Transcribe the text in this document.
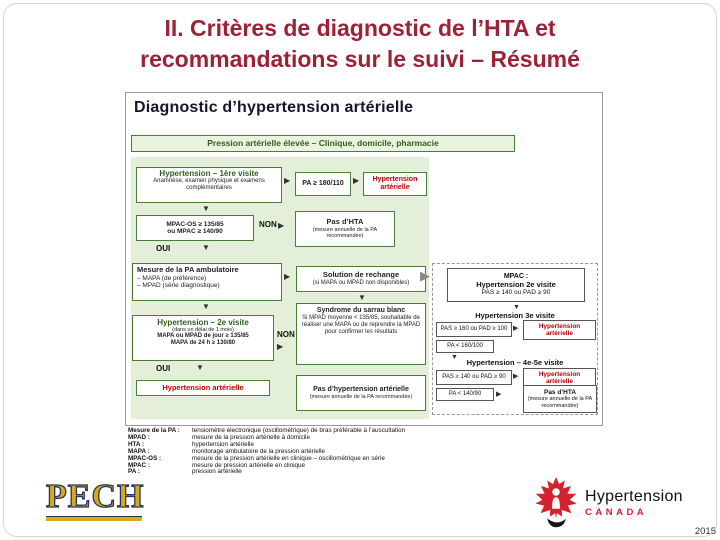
II. Critères de diagnostic de l’HTA et
recommandations sur le suivi – Résumé
Diagnostic d’hypertension artérielle
Pression artérielle élevée – Clinique, domicile, pharmacie
Hypertension – 1ère visite
Anamnèse, examen physique et examens complémentaires
▶
PA ≥ 180/110
▶
Hypertension artérielle
▼
MPAC-OS ≥ 135/85
ou MPAC ≥ 140/90
NON ▶	Pas d’HTA
(mesure annuelle de la PA recommandée)
OUI
▼
Mesure de la PA ambulatoire
– MAPA (de préférence)
– MPAD (série diagnostique)
▶
Solution de rechange
(si MAPA ou MPAD non disponibles)
▼
Syndrome du sarrau blanc
Si MPAD moyenne < 135/85, souhaitable de réaliser une MAPA ou de reprendre la MPAD pour confirmer les résultats
▼
Hypertension – 2e visite
(dans un délai de 1 mois)
MAPA ou MPAD de jour ≥ 135/85
MAPA de 24 h ≥ 130/80
NON
▶
OUI
▼
Hypertension artérielle	Pas d’hypertension artérielle
(mesure annuelle de la PA recommandée)
▶
MPAC :
Hypertension 2e visite
PAS ≥ 140 ou PAD ≥ 90
▼
Hypertension 3e visite
PAS ≥ 160 ou PAD ≥ 100 ▶	Hypertension artérielle
PA < 160/100
▼
Hypertension – 4e-5e visite
PAS ≥ 140 ou PAD ≥ 90 ▶	Hypertension artérielle
PA < 140/90 ▶	Pas d’HTA
(mesure annuelle de la PA recommandée)
Mesure de la PA :	tensiomètre électronique (oscillométrique) de bras préférable à l’auscultation
MPAD :	mesure de la pression artérielle à domicile
HTA :	hypertension artérielle
MAPA :	monitorage ambulatoire de la pression artérielle
MPAC-OS :	mesure de la pression artérielle en clinique – oscillométrique en série
MPAC :	mesure de pression artérielle en clinique
PA :	pression artérielle
PECH	Hypertension
CANADA
2015
